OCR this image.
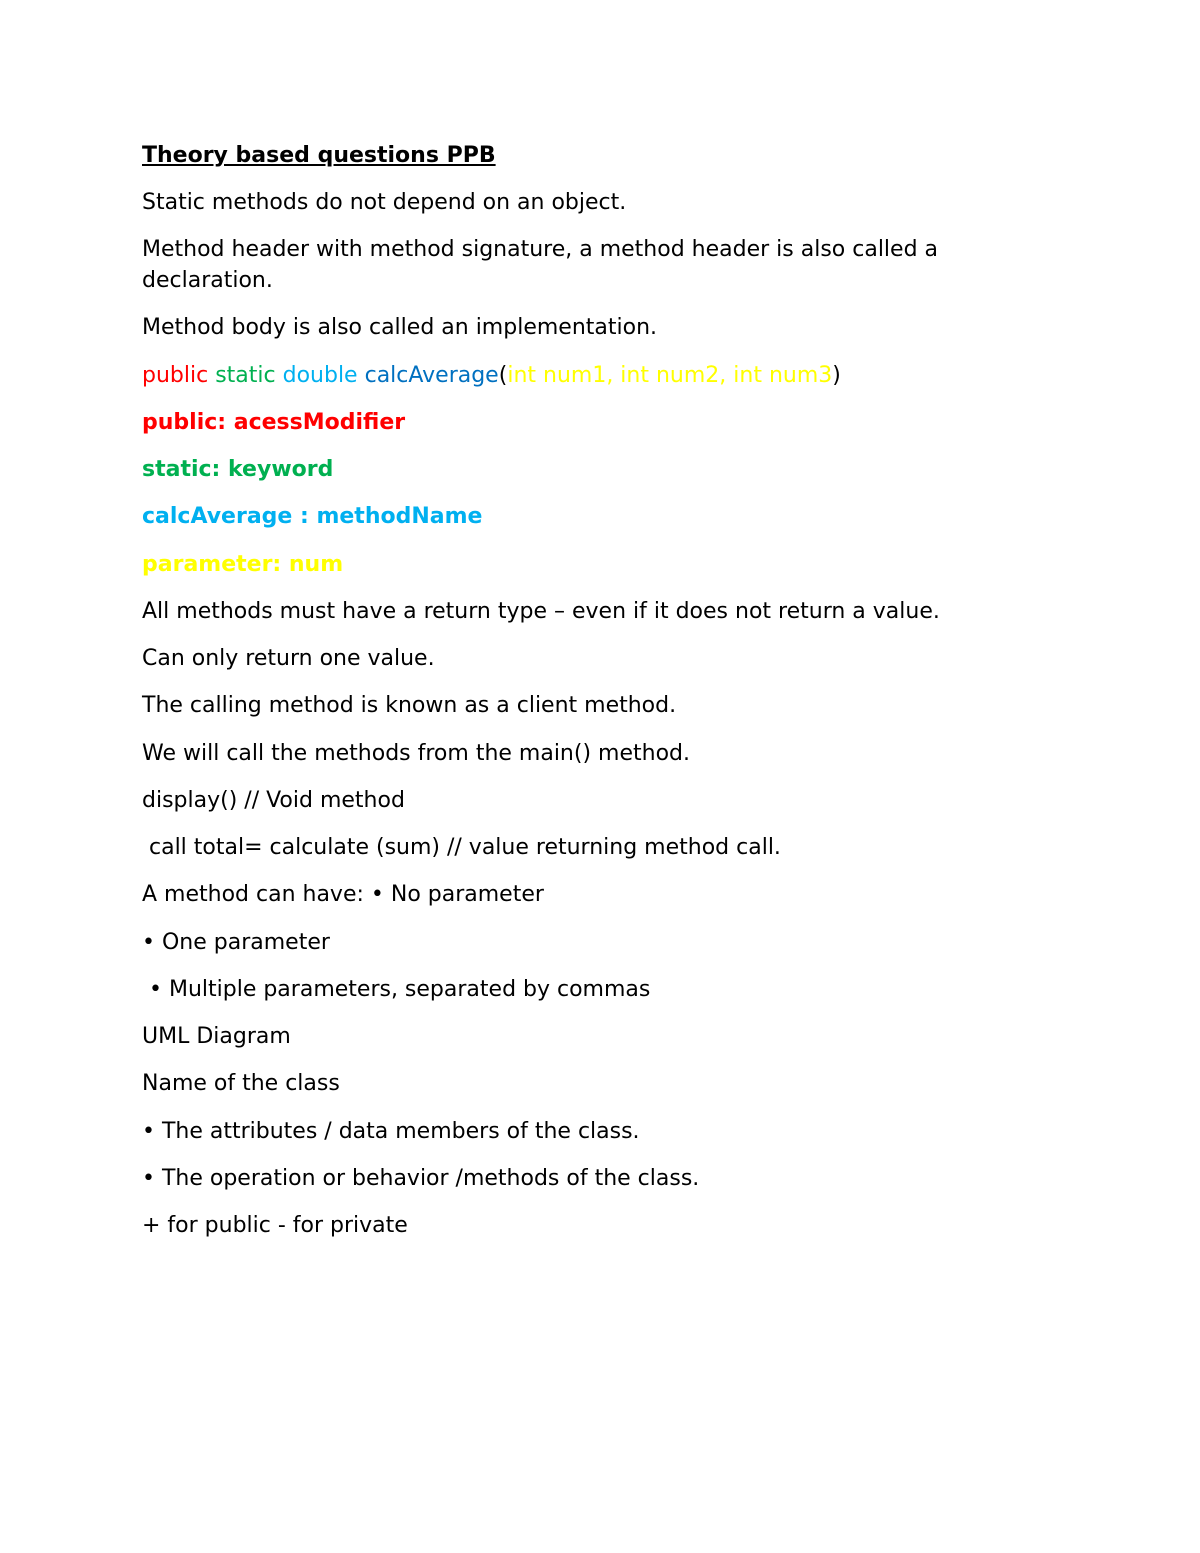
Theory based questions PPB
Static methods do not depend on an object.
Method header with method signature, a method header is also called a declaration.
Method body is also called an implementation.
public static double calcAverage(int num1, int num2, int num3)
public: acessModifier
static: keyword
calcAverage : methodName
parameter: num
All methods must have a return type – even if it does not return a value.
Can only return one value.
The calling method is known as a client method.
We will call the methods from the main() method.
display() // Void method
call total= calculate (sum) // value returning method call.
A method can have: • No parameter
• One parameter
• Multiple parameters, separated by commas
UML Diagram
Name of the class
• The attributes / data members of the class.
• The operation or behavior /methods of the class.
+ for public - for private
